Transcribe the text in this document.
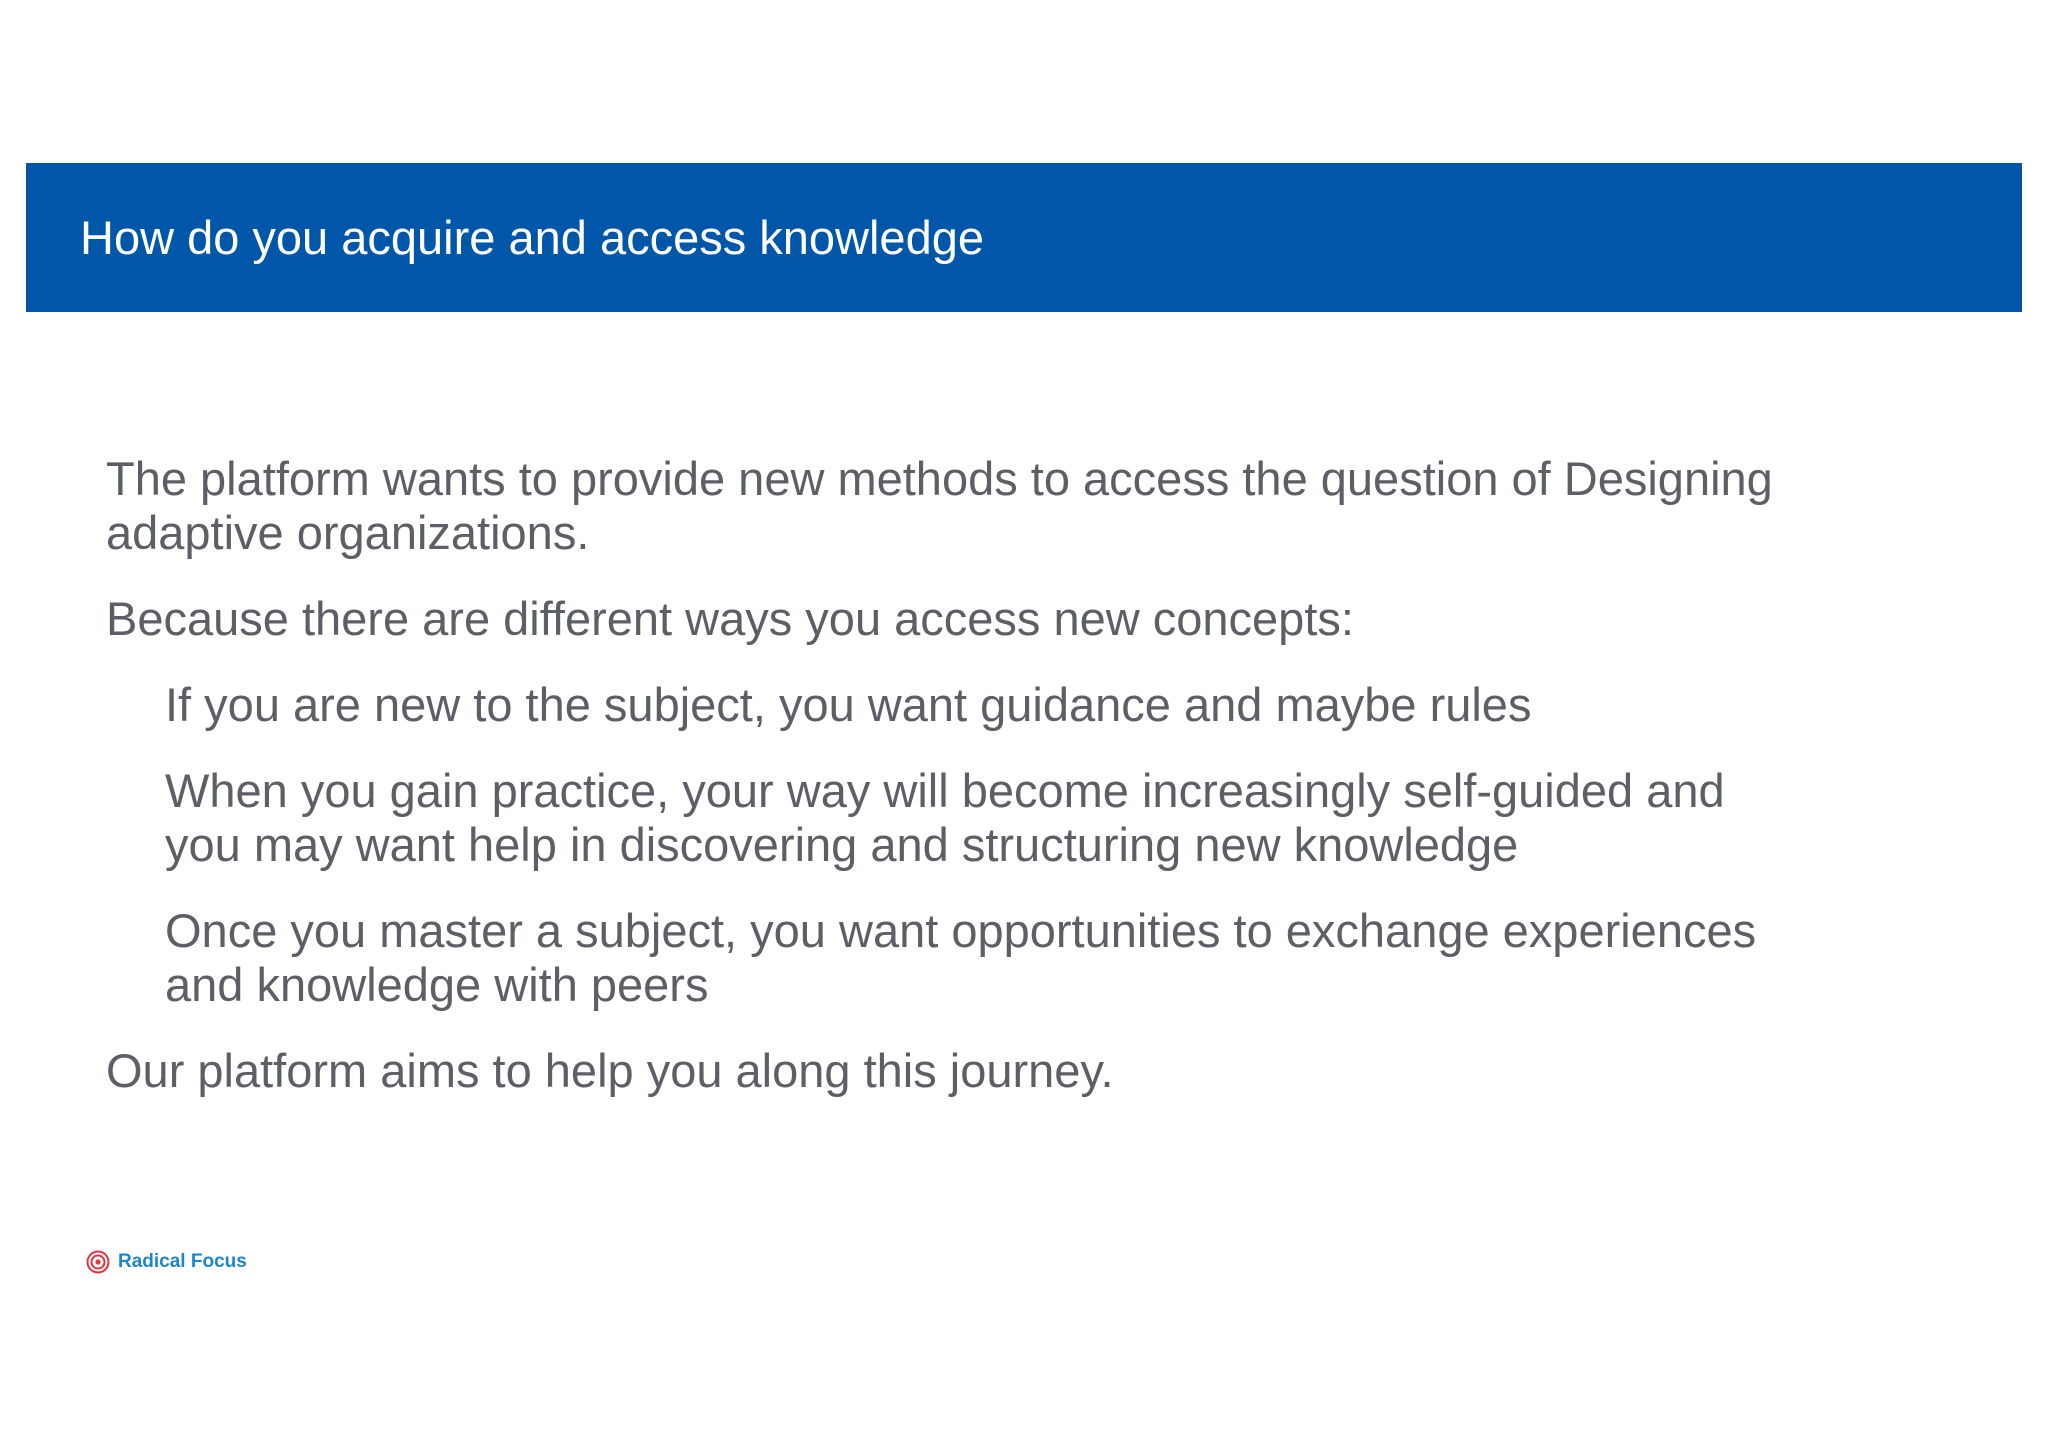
How do you acquire and access knowledge

The platform wants to provide new methods to access the question of Designing adaptive organizations.

Because there are different ways you access new concepts:

If you are new to the subject, you want guidance and maybe rules

When you gain practice, your way will become increasingly self-guided and you may want help in discovering and structuring new knowledge

Once you master a subject, you want opportunities to exchange experiences and knowledge with peers

Our platform aims to help you along this journey.

Radical Focus
